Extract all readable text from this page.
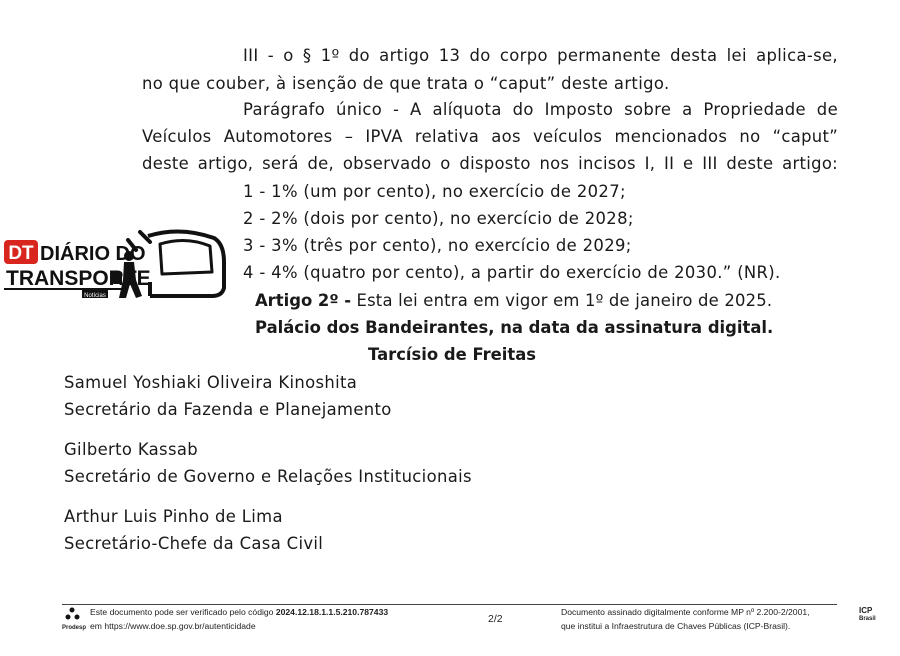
III - o § 1º do artigo 13 do corpo permanente desta lei aplica-se,
no que couber, à isenção de que trata o “caput” deste artigo.
Parágrafo único - A alíquota do Imposto sobre a Propriedade de
Veículos Automotores – IPVA relativa aos veículos mencionados no “caput”
deste artigo, será de, observado o disposto nos incisos I, II e III deste artigo:
1 - 1% (um por cento), no exercício de 2027;
2 - 2% (dois por cento), no exercício de 2028;
3 - 3% (três por cento), no exercício de 2029;
4 - 4% (quatro por cento), a partir do exercício de 2030.” (NR).
DT DIÁRIO DO
TRANSPORTE
Notícias	Artigo 2º - Esta lei entra em vigor em 1º de janeiro de 2025.
Palácio dos Bandeirantes, na data da assinatura digital.
Tarcísio de Freitas
Samuel Yoshiaki Oliveira Kinoshita
Secretário da Fazenda e Planejamento
Gilberto Kassab
Secretário de Governo e Relações Institucionais
Arthur Luis Pinho de Lima
Secretário-Chefe da Casa Civil
Prodesp
Este documento pode ser verificado pelo código 2024.12.18.1.1.5.210.787433
em https://www.doe.sp.gov.br/autenticidade
2/2
Documento assinado digitalmente conforme MP nº 2.200-2/2001,
que institui a Infraestrutura de Chaves Públicas (ICP-Brasil).
ICP
Brasil
